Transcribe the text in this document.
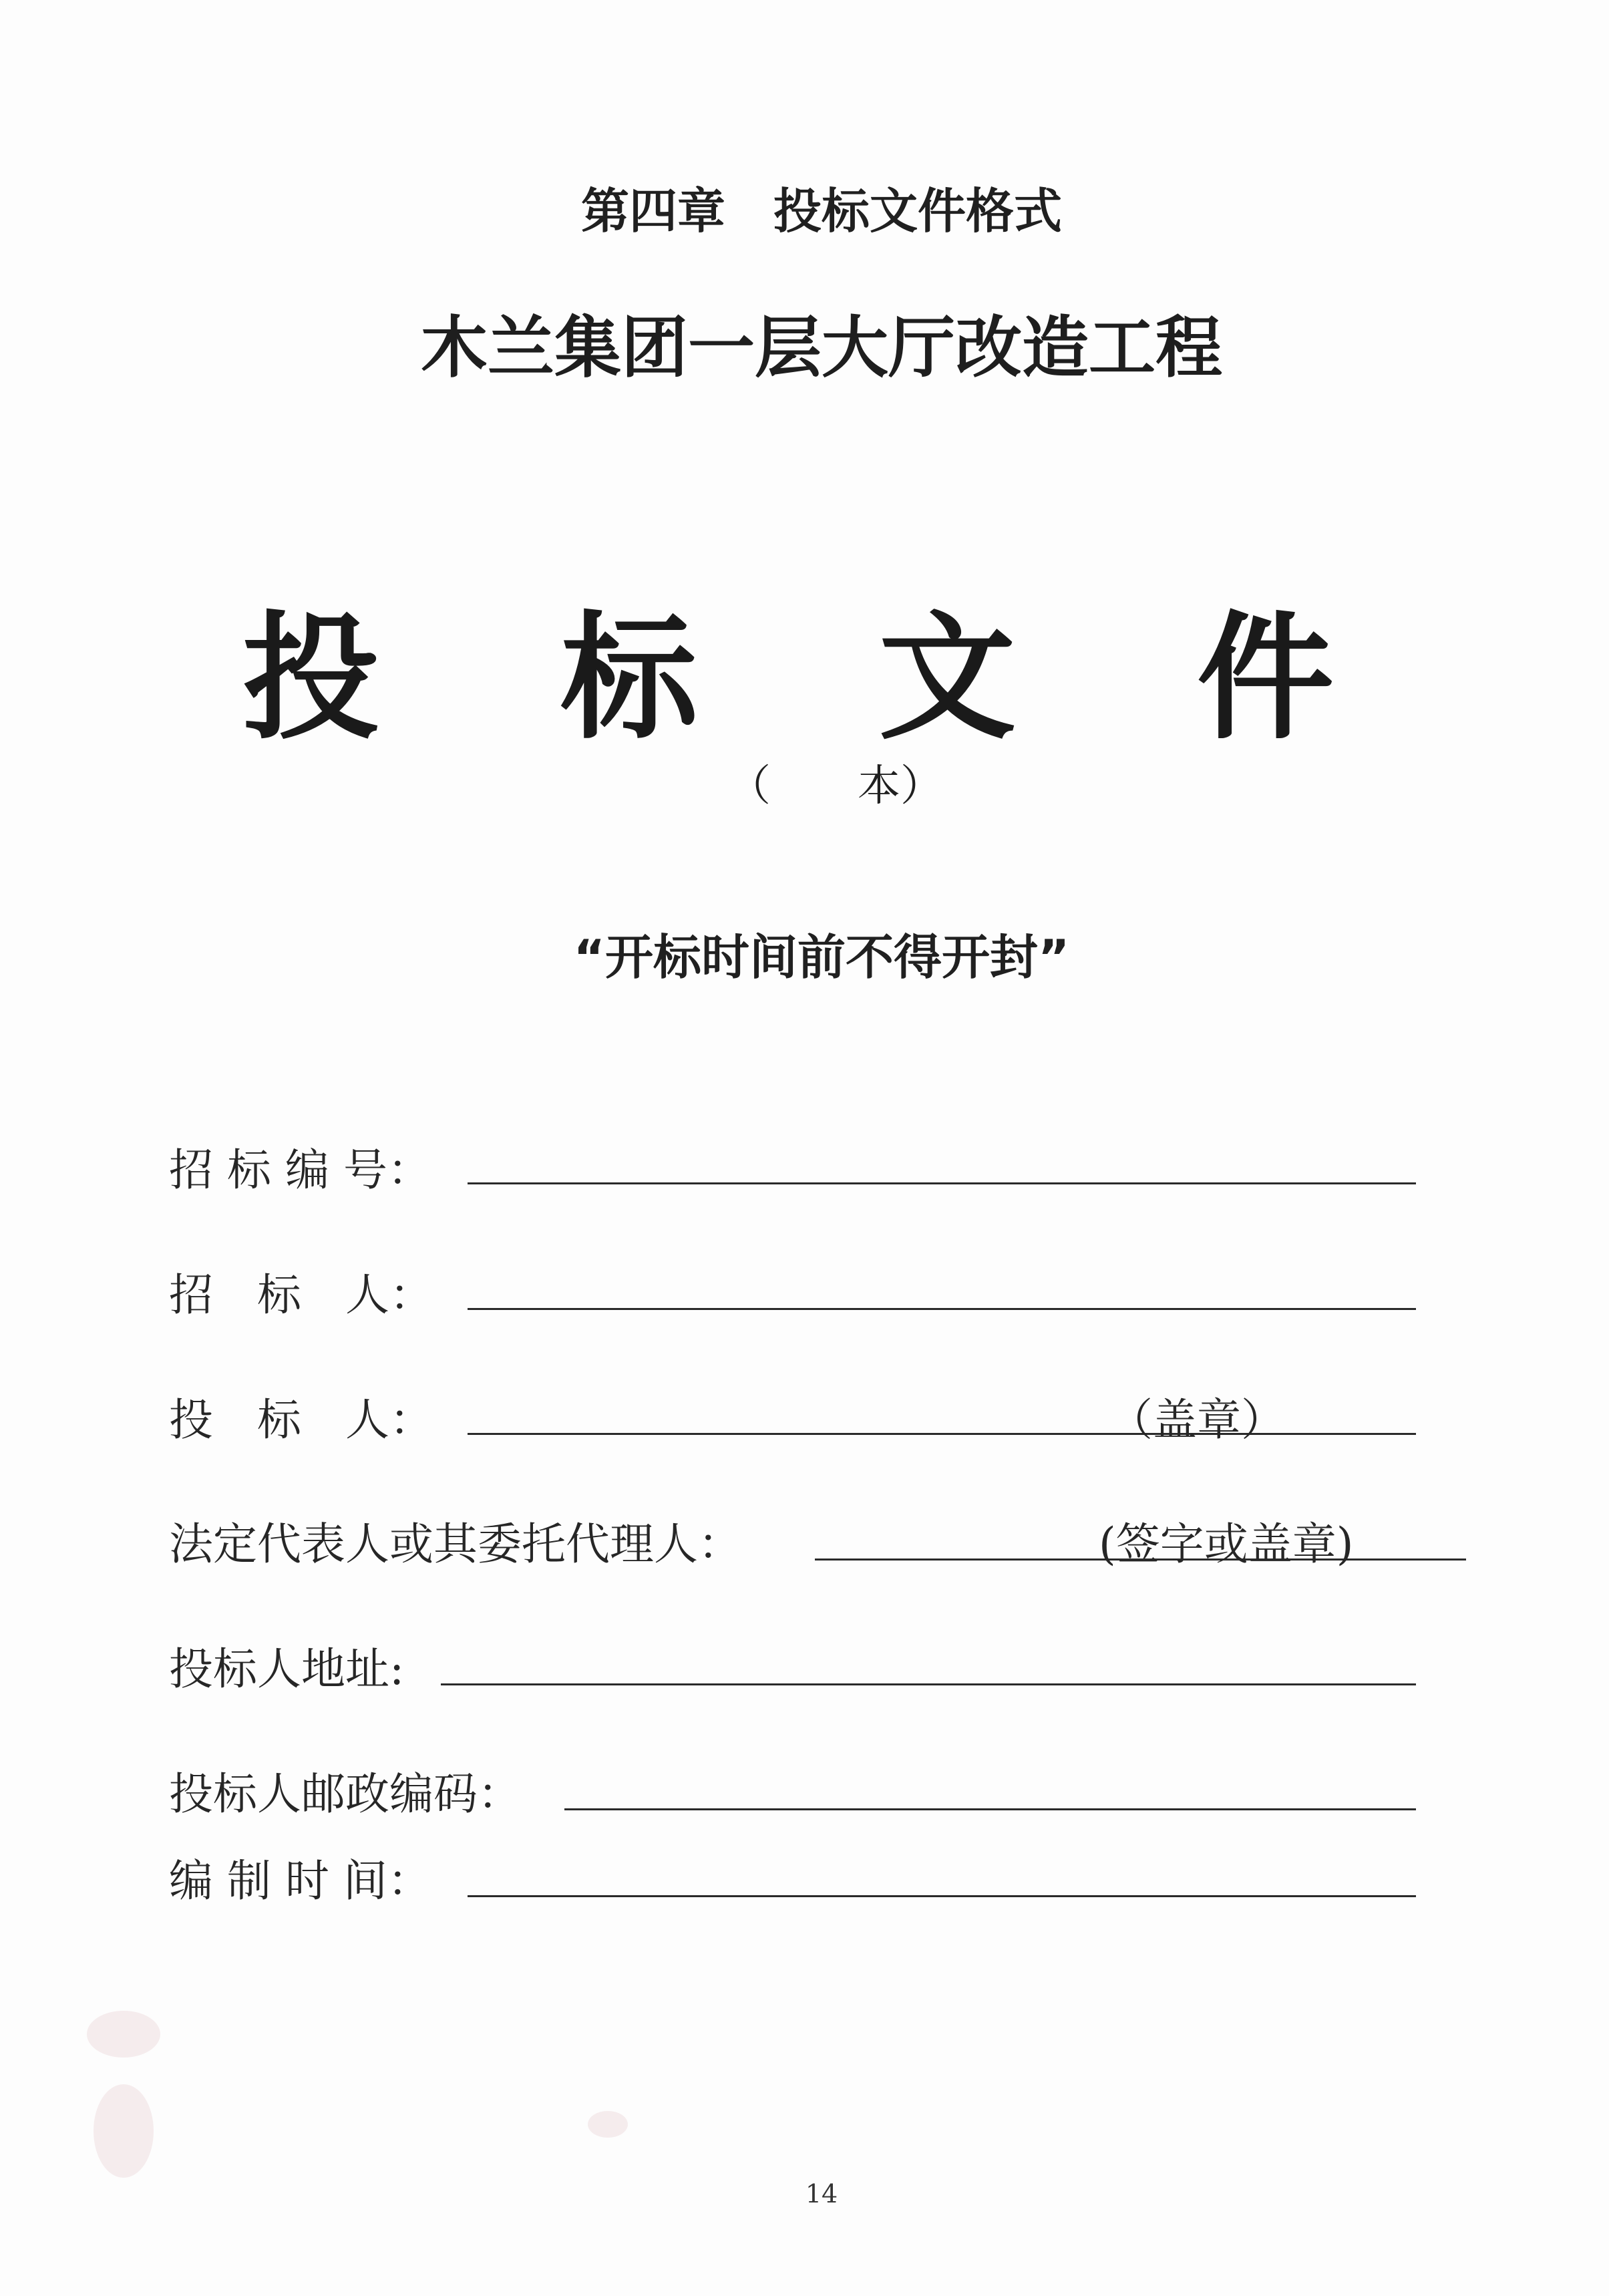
第四章　投标文件格式
木兰集团一层大厅改造工程
投 标 文 件
（ 本）
“开标时间前不得开封”
招 标 编 号：
招　标　人：
投　标　人：	（盖章）
法定代表人或其委托代理人：	(签字或盖章)
投标人地址:
投标人邮政编码：
编 制 时 间：
14
